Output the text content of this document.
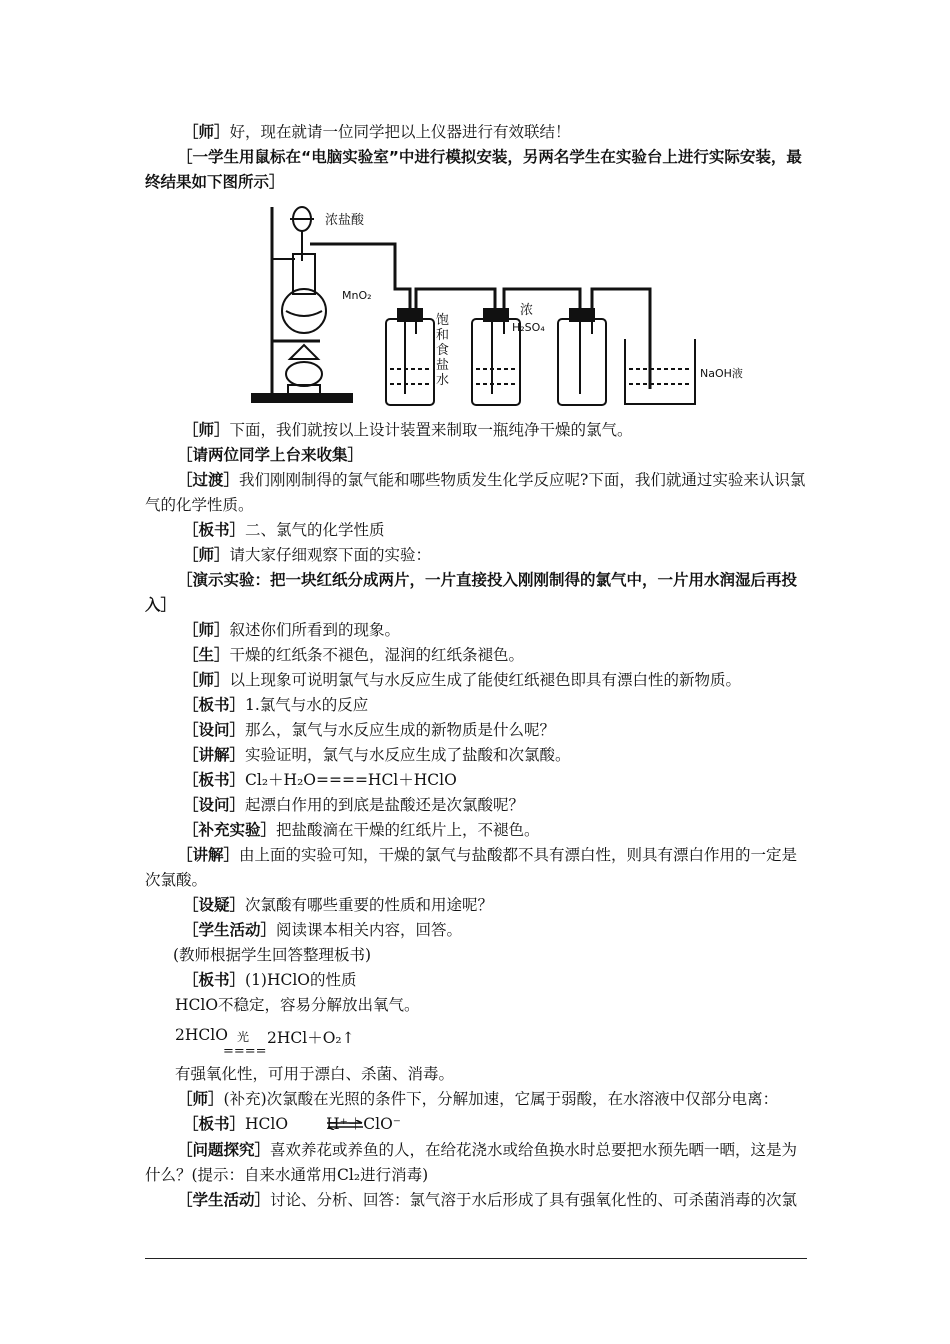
［师］好，现在就请一位同学把以上仪器进行有效联结！

［一学生用鼠标在“电脑实验室”中进行模拟安装，另两名学生在实验台上进行实际安装，最终结果如下图所示］

浓盐酸
MnO₂
饱
和
食
盐
水
浓
H₂SO₄
NaOH液

［师］下面，我们就按以上设计装置来制取一瓶纯净干燥的氯气。

［请两位同学上台来收集］

［过渡］我们刚刚制得的氯气能和哪些物质发生化学反应呢?下面，我们就通过实验来认识氯气的化学性质。

［板书］二、氯气的化学性质

［师］请大家仔细观察下面的实验：

［演示实验：把一块红纸分成两片，一片直接投入刚刚制得的氯气中，一片用水润湿后再投入］

［师］叙述你们所看到的现象。

［生］干燥的红纸条不褪色，湿润的红纸条褪色。

［师］以上现象可说明氯气与水反应生成了能使红纸褪色即具有漂白性的新物质。

［板书］1.氯气与水的反应

［设问］那么，氯气与水反应生成的新物质是什么呢？

［讲解］实验证明，氯气与水反应生成了盐酸和次氯酸。

［板书］Cl₂＋H₂O====HCl＋HClO

［设问］起漂白作用的到底是盐酸还是次氯酸呢？

［补充实验］把盐酸滴在干燥的红纸片上，不褪色。

［讲解］由上面的实验可知，干燥的氯气与盐酸都不具有漂白性，则具有漂白作用的一定是次氯酸。

［设疑］次氯酸有哪些重要的性质和用途呢？

［学生活动］阅读课本相关内容，回答。

(教师根据学生回答整理板书)

［板书］(1)HClO的性质

HClO不稳定，容易分解放出氧气。

2HClO 光 2HCl＋O₂↑
====

有强氧化性，可用于漂白、杀菌、消毒。

［师］(补充)次氯酸在光照的条件下，分解加速，它属于弱酸，在水溶液中仅部分电离：

［板书］HClO H⁺＋ClO⁻

［问题探究］喜欢养花或养鱼的人，在给花浇水或给鱼换水时总要把水预先晒一晒，这是为什么？(提示：自来水通常用Cl₂进行消毒)

［学生活动］讨论、分析、回答：氯气溶于水后形成了具有强氧化性的、可杀菌消毒的次氯
